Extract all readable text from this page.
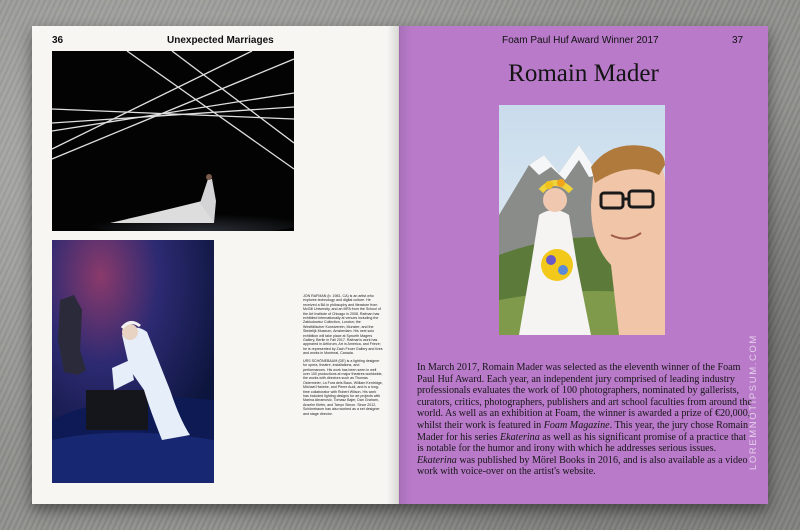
36	Unexpected Marriages

JON RAFMAN (b. 1981, CA) is an artist who explores technology and digital culture. He received a BA in philosophy and literature from McGill University, and an MFA from the School of the Art Institute of Chicago in 2008. Rafman has exhibited internationally at venues including the Zabludowicz Collection, London; the Westfälischer Kunstverein, Munster; and the Stedelijk Museum, Amsterdam. His next solo exhibition will take place at Sprueth Magers Gallery, Berlin in Fall 2017. Rafman's work has appeared in Artforum, Art in America, and Frieze; he is represented by Zach Feuer Gallery and lives and works in Montreal, Canada.

URS SCHÖNEBAUM (DE) is a lighting designer for opera, theatre, installations, and performances. His work has been seen in well over 100 productions at major theatres worldwide, the works with directors such as Thomas Ostermeier, La Fura dels Baus, William Kentridge, Michael Haneke, and Pierre Audi, and is a long-time collaborator with Robert Wilson. His work has included lighting designs for art projects with Marina Abramović, Tomasz Bajer, Dan Graham, Anselm Kiefer, and Tarryn Simon. Since 2012, Schönebaum has also worked as a set designer and stage director.

Foam Paul Huf Award Winner 2017	37
Romain Mader
In March 2017, Romain Mader was selected as the eleventh winner of the Foam Paul Huf Award. Each year, an independent jury comprised of leading industry professionals evaluates the work of 100 photographers, nominated by gallerists, curators, critics, photographers, publishers and art school faculties from around the world. As well as an exhibition at Foam, the winner is awarded a prize of €20,000, whilst their work is featured in Foam Magazine. This year, the jury chose Romain Mader for his series Ekaterina as well as his significant promise of a practice that is notable for the humor and irony with which he addresses serious issues. Ekaterina was published by Mörel Books in 2016, and is also available as a video work with voice-over on the artist's website.
LOREMNOTIPSUM.COM
